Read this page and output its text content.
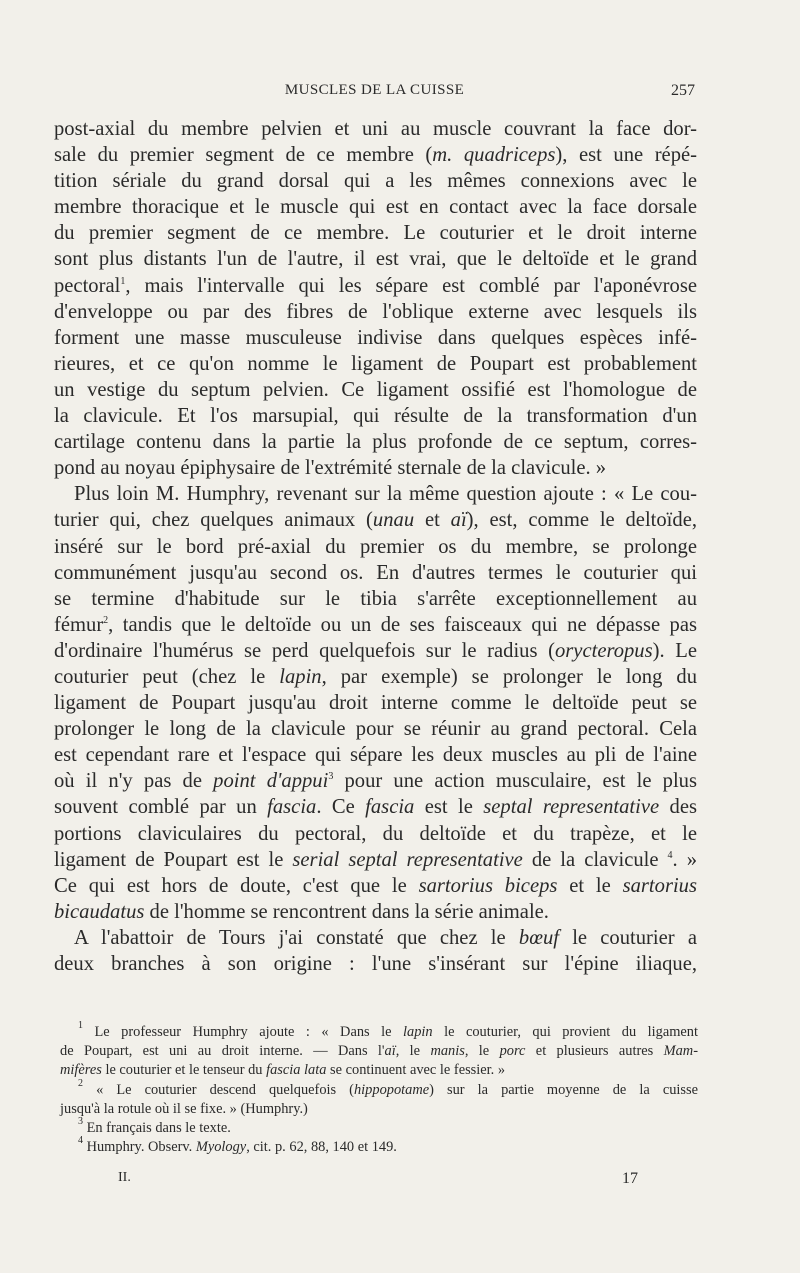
MUSCLES DE LA CUISSE	257
post-axial du membre pelvien et uni au muscle couvrant la face dor-
sale du premier segment de ce membre (m. quadriceps), est une répé-
tition sériale du grand dorsal qui a les mêmes connexions avec le
membre thoracique et le muscle qui est en contact avec la face dorsale
du premier segment de ce membre. Le couturier et le droit interne
sont plus distants l'un de l'autre, il est vrai, que le deltoïde et le grand
pectoral$^1$, mais l'intervalle qui les sépare est comblé par l'aponévrose
d'enveloppe ou par des fibres de l'oblique externe avec lesquels ils
forment une masse musculeuse indivise dans quelques espèces infé-
rieures, et ce qu'on nomme le ligament de Poupart est probablement
un vestige du septum pelvien. Ce ligament ossifié est l'homologue de
la clavicule. Et l'os marsupial, qui résulte de la transformation d'un
cartilage contenu dans la partie la plus profonde de ce septum, corres-
pond au noyau épiphysaire de l'extrémité sternale de la clavicule. »
Plus loin M. Humphry, revenant sur la même question ajoute : « Le cou-
turier qui, chez quelques animaux (unau et aï), est, comme le deltoïde,
inséré sur le bord pré-axial du premier os du membre, se prolonge
communément jusqu'au second os. En d'autres termes le couturier qui
se termine d'habitude sur le tibia s'arrête exceptionnellement au
fémur$^2$, tandis que le deltoïde ou un de ses faisceaux qui ne dépasse pas
d'ordinaire l'humérus se perd quelquefois sur le radius (orycteropus). Le
couturier peut (chez le lapin, par exemple) se prolonger le long du
ligament de Poupart jusqu'au droit interne comme le deltoïde peut se
prolonger le long de la clavicule pour se réunir au grand pectoral. Cela
est cependant rare et l'espace qui sépare les deux muscles au pli de l'aine
où il n'y pas de point d'appui$^3$ pour une action musculaire, est le plus
souvent comblé par un fascia. Ce fascia est le septal representative des
portions claviculaires du pectoral, du deltoïde et du trapèze, et le
ligament de Poupart est le serial septal representative de la clavicule $^4$. »
Ce qui est hors de doute, c'est que le sartorius biceps et le sartorius
bicaudatus de l'homme se rencontrent dans la série animale.
A l'abattoir de Tours j'ai constaté que chez le bœuf le couturier a
deux branches à son origine : l'une s'insérant sur l'épine iliaque,
$^1$ Le professeur Humphry ajoute : « Dans le lapin le couturier, qui provient du ligament
de Poupart, est uni au droit interne. — Dans l'aï, le manis, le porc et plusieurs autres Mam-
mifères le couturier et le tenseur du fascia lata se continuent avec le fessier. »
$^2$ « Le couturier descend quelquefois (hippopotame) sur la partie moyenne de la cuisse
jusqu'à la rotule où il se fixe. » (Humphry.)
$^3$ En français dans le texte.
$^4$ Humphry. Observ. Myology, cit. p. 62, 88, 140 et 149.
II.	17
